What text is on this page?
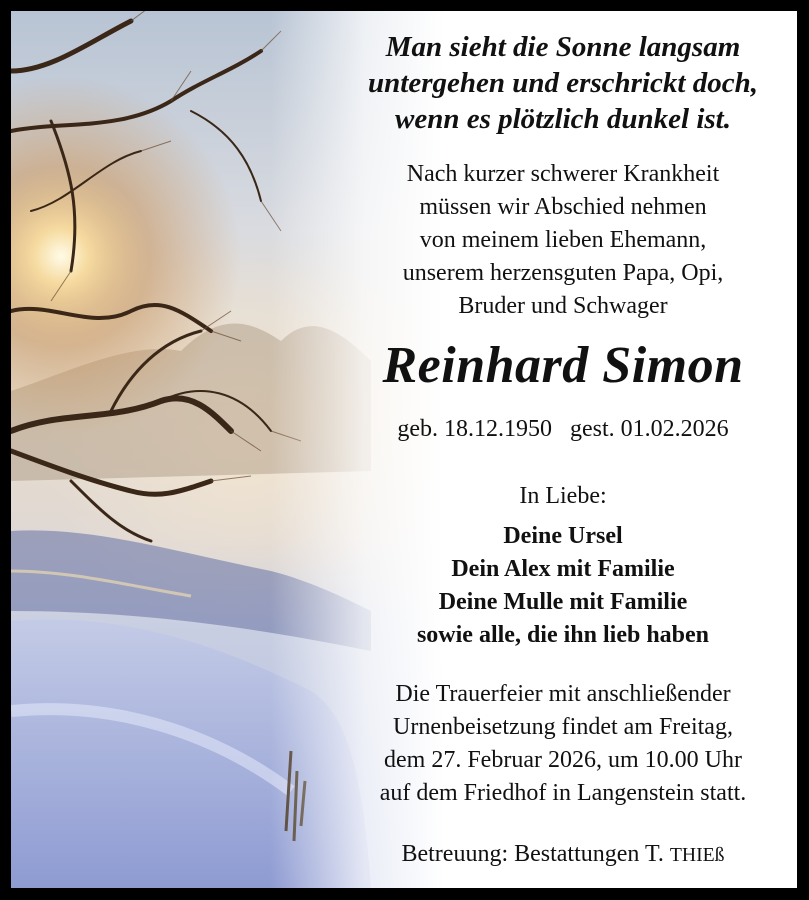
Man sieht die Sonne langsam
untergehen und erschrickt doch,
wenn es plötzlich dunkel ist.
Nach kurzer schwerer Krankheit
müssen wir Abschied nehmen
von meinem lieben Ehemann,
unserem herzensguten Papa, Opi,
Bruder und Schwager
Reinhard Simon
geb. 18.12.1950 gest. 01.02.2026
In Liebe:
Deine Ursel
Dein Alex mit Familie
Deine Mulle mit Familie
sowie alle, die ihn lieb haben
Die Trauerfeier mit anschließender
Urnenbeisetzung findet am Freitag,
dem 27. Februar 2026, um 10.00 Uhr
auf dem Friedhof in Langenstein statt.
Betreuung: Bestattungen T. THIEß
